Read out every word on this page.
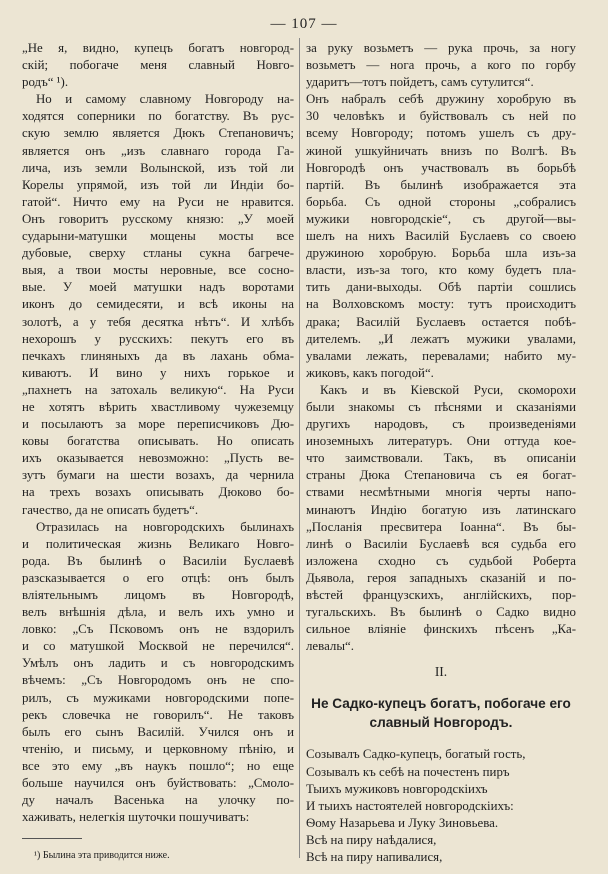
— 107 —
„Не я, видно, купецъ богатъ новгород-
скій; побогаче меня славный Новго-
родъ“ ¹).
Но и самому славному Новгороду на-
ходятся соперники по богатству. Въ рус-
скую землю является Дюкъ Степановичъ;
является онъ „изъ славнаго города Га-
лича, изъ земли Волынской, изъ той ли
Корелы упрямой, изъ той ли Индіи бо-
гатой“. Ничто ему на Руси не нравится.
Онъ говоритъ русскому князю: „У моей
сударыни-матушки мощены мосты все
дубовые, сверху стланы сукна багрече-
выя, а твои мосты неровные, все сосно-
вые. У моей матушки надъ воротами
иконъ до семидесяти, и всѣ иконы на
золотѣ, а у тебя десятка нѣтъ“. И хлѣбъ
нехорошъ у русскихъ: пекутъ его въ
печкахъ глиняныхъ да въ лахань обма-
киваютъ. И вино у нихъ горькое и
„пахнетъ на затохаль великую“. На Руси
не хотятъ вѣрить хвастливому чужеземцу
и посылаютъ за море переписчиковъ Дю-
ковы богатства описывать. Но описать
ихъ оказывается невозможно: „Пусть ве-
зутъ бумаги на шести возахъ, да чернила
на трехъ возахъ описывать Дюково бо-
гачество, да не описать будетъ“.
Отразилась на новгородскихъ былинахъ
и политическая жизнь Великаго Новго-
рода. Въ былинѣ о Василіи Буслаевѣ
разсказывается о его отцѣ: онъ былъ
вліятельнымъ лицомъ въ Новгородѣ,
велъ внѣшнія дѣла, и велъ ихъ умно и
ловко: „Съ Псковомъ онъ не вздорилъ
и со матушкой Москвой не перечился“.
Умѣлъ онъ ладить и съ новгородскимъ
вѣчемъ: „Съ Новгородомъ онъ не спо-
рилъ, съ мужиками новгородскими попе-
рекъ словечка не говорилъ“. Не таковъ
былъ его сынъ Василій. Учился онъ и
чтенію, и письму, и церковному пѣнію, и
все это ему „въ наукъ пошло“; но еще
больше научился онъ буйствовать: „Смоло-
ду началъ Васенька на улочку по-
хаживать, нелегкія шуточки пошучиватъ:
¹) Былина эта приводится ниже.
за руку возьметъ — рука прочь, за ногу
возьметъ — нога прочь, а кого по горбу
ударитъ—тотъ пойдетъ, самъ сутулится“.
Онъ набралъ себѣ дружину хоробрую въ
30 человѣкъ и буйствовалъ съ ней по
всему Новгороду; потомъ ушелъ съ дру-
жиной ушкуйничать внизъ по Волгѣ. Въ
Новгородѣ онъ участвовалъ въ борьбѣ
партій. Въ былинѣ изображается эта
борьба. Съ одной стороны „собралисъ
мужики новгородскіе“, съ другой—вы-
шелъ на нихъ Василій Буслаевъ со своею
дружиною хоробрую. Борьба шла изъ-за
власти, изъ-за того, кто кому будетъ пла-
тить дани-выходы. Обѣ партіи сошлись
на Волховскомъ мосту: тутъ происходитъ
драка; Василій Буслаевъ остается побѣ-
дителемъ. „И лежатъ мужики увалами,
увалами лежать, перевалами; набито му-
жиковъ, какъ погодой“.
Какъ и въ Кіевской Руси, скоморохи
были знакомы съ пѣснями и сказаніями
другихъ народовъ, съ произведеніями
иноземныхъ литературъ. Они оттуда кое-
что заимствовали. Такъ, въ описаніи
страны Дюка Степановича съ ея богат-
ствами несмѣтными многія черты напо-
минаютъ Индію богатую изъ латинскаго
„Посланія пресвитера Іоанна“. Въ бы-
линѣ о Василіи Буслаевѣ вся судьба его
изложена сходно съ судьбой Роберта
Дьявола, героя западныхъ сказаній и по-
вѣстей французскихъ, англійскихъ, пор-
тугальскихъ. Въ былинѣ о Садко видно
сильное вліяніе финскихъ пѣсенъ „Ка-
левалы“.
II.
Не Садко-купецъ богатъ, побогаче его
славный Новгородъ.
Созывалъ Садко-купецъ, богатый гость,
Созывалъ къ себѣ на почестенъ пиръ
Тыихъ мужиковъ новгородскіихъ
И тыихъ настоятелей новгородскіихъ:
Ѳому Назарьева и Луку Зиновьева.
Всѣ на пиру наѣдалися,
Всѣ на пиру напивалися,
